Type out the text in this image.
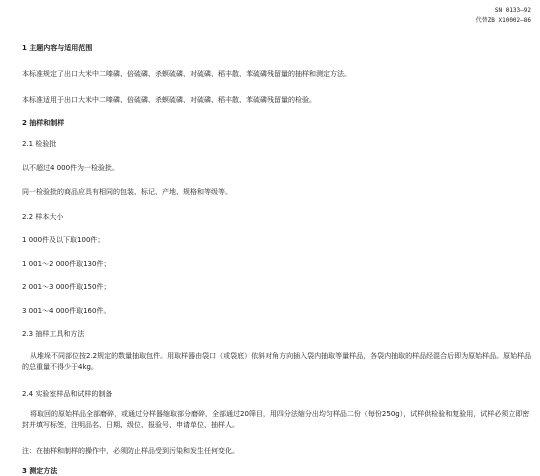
SN 0133—92
代替ZB X10002—86
1 主题内容与适用范围
本标准规定了出口大米中二嗪磷、倍硫磷、杀螟硫磷、对硫磷、稻丰散、苯硫磷残留量的抽样和测定方法。
本标准适用于出口大米中二嗪磷、倍硫磷、杀螟硫磷、对硫磷、稻丰散、苯硫磷残留量的检验。
2 抽样和制样
2.1 检验批
以不超过4 000件为一检验批。
同一检验批的商品应具有相同的包装、标记、产地、规格和等级等。
2.2 样本大小
1 000件及以下取100件；
1 001～2 000件取130件；
2 001～3 000件取150件；
3 001～4 000件取160件。
2.3 抽样工具和方法
从堆垛不同部位按2.2规定的数量抽取包件。用取样器由袋口（或袋底）依斜对角方向插入袋内抽取等量样品，各袋内抽取的样品经混合后即为原始样品。原始样品的总重量不得少于4kg。
2.4 实验室样品和试样的制备
将取回的原始样品全部磨碎，或通过分样器缩取部分磨碎，全部通过20筛目，用四分法缩分出均匀样品二份（每份250g），试样供检验和复验用，试样必须立即密封并填写标签，注明品名、日期、级位、报验号、申请单位、抽样人。
注：在抽样和制样的操作中，必须防止样品受到污染和发生任何变化。
3 测定方法
